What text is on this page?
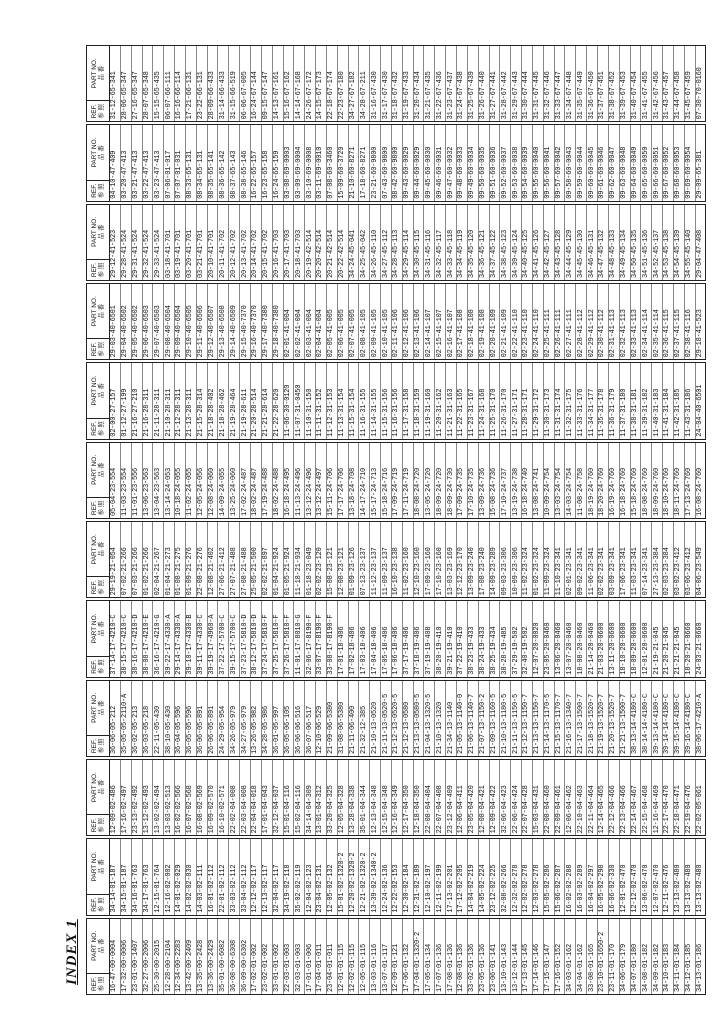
INDEX 1 REF. 参 照
PART NO. 品 番 16-47-00-0004 17-32-00-0006 23-01-00-1407 32-27-00-2006 25-30-00-2015 12-28-00-2104 12-34-00-2283 13-42-00-2409 13-35-00-2428 13-36-00-2429 35-01-00-6082 36-08-00-6308 36-09-00-6302 17-02-01-002 23-02-01-002 33-01-01-002 22-03-01-003 32-03-01-003 17-01-01-006 17-04-01-011 23-04-01-011 12-01-01-115 12-02-01-115 12-05-01-115 13-03-01-116 13-07-01-117 12-09-01-121 17-06-01-132 17-04-01-1320-2 17-05-01-134 17-07-01-136 17-08-01-136 12-08-01-136 33-02-01-136 23-05-01-136 23-06-01-141 13-10-01-143 13-12-01-144 17-13-01-145 17-14-01-146 17-15-01-147 17-16-01-152 34-03-01-162 34-04-01-162 33-08-01-165 23-10-01-1650-2 23-11-01-170 34-06-01-179 34-07-01-180 34-08-01-182 34-09-01-182 34-10-01-183 34-11-01-184 34-12-01-185 34-13-01-186
REF. 参 照
PART NO. 品 番 34-14-01-187 34-15-01-187 34-16-01-763 34-17-01-763 12-15-01-764 12-16-02-002 14-01-02-029 14-02-02-030 14-03-02-111 16-01-02-112 22-01-02-112 33-03-02-112 33-04-02-112 12-12-02-117 12-13-02-117 32-04-02-117 34-19-02-118 35-02-02-119 12-04-02-123 23-04-02-131 12-05-02-132 15-01-02-1320-2 12-20-02-1320-2 12-21-02-1320-2 13-39-02-1340-2 12-24-02-136 12-22-02-153 12-30-02-184 12-31-02-189 12-10-02-197 12-11-02-199 17-13-02-201 17-12-02-205 14-04-02-219 14-05-02-224 23-12-02-225 32-08-02-266 12-32-02-278 12-02-02-278 12-03-02-278 15-05-02-286 15-06-02-287 16-02-02-288 16-03-02-289 16-04-02-297 16-05-02-298 16-06-02-330 12-01-02-470 12-12-02-470 13-06-02-470 12-07-02-470 12-11-02-476 13-13-02-480 13-13-02-480 13-13-02-480
REF. 参 照
PART NO. 品 番 12-09-02-486 17-16-02-497 23-13-02-492 13-12-02-493 13-02-02-494 13-03-02-513 16-02-02-566 16-07-02-568 16-08-02-569 16-09-02-570 16-10-02-571 22-02-04-008 22-03-04-008 22-04-04-018 17-01-04-043 32-12-04-037 15-01-04-116 15-02-04-116 34-14-04-309 13-01-04-312 33-20-04-325 12-05-04-328 13-28-04-338 35-01-04-344 12-13-04-348 12-15-04-348 12-16-04-349 12-17-04-350 12-18-04-350 22-08-04-404 22-07-04-408 23-12-04-409 12-06-04-411 23-05-04-420 12-08-04-421 12-09-04-422 32-06-04-423 22-06-04-424 22-07-04-428 15-03-04-431 22-08-04-460 22-09-04-461 12-06-04-462 22-10-04-463 22-11-04-464 12-14-04-465 22-12-04-466 22-13-04-466 22-14-04-467 22-15-04-468 12-16-04-469 22-17-04-470 22-18-04-471 22-19-04-476 22-02-05-061
REF. 参 照
PART NO. 品 番 36-06-05-212 35-05-05-2110-A 36-02-05-213 36-03-05-218 22-11-05-430 38-10-05-430 36-04-05-596 36-05-05-596 36-06-05-891 26-06-05-891 24-29-05-954 34-26-05-979 34-27-05-979 13-26-05-982 34-28-05-986 36-01-05-997 36-05-06-105 36-06-06-516 36-07-06-517 12-10-06-529 21-09-06-5380 31-08-06-5380 21-11-06-400 21-32-12-385 21-10-13-0520 21-11-13-0520-5 21-12-13-0520-5 21-12-13-0580 21-13-13-0580-5 21-04-13-1320-5 21-10-13-1320 21-34-13-1140 21-05-13-1140-0 21-06-13-1140-7 21-07-13-1150-2 21-09-13-1160-5 21-10-13-1180-5 21-11-13-1150-5 21-12-13-1150-7 21-13-13-1150-7 21-14-13-1170-5 21-15-13-1170-7 21-16-13-1340-7 21-17-13-1500-7 21-18-13-1520-7 21-19-13-1520-7 21-20-13-1520-7 21-21-13-1500-7 38-13-14-4180-C 38-14-14-4180-C 39-13-14-4180-C 39-14-14-4180-C 39-15-14-4180-C 39-16-14-4180-C 38-06-17-4210-A
REF. 参 照
PART NO. 品 番 37-14-17-4210-C 38-15-17-4210-C 38-16-17-4210-D 38-08-17-4210-E 36-16-17-4210-G 39-22-17-4330-A 29-14-17-4330-A 39-10-17-4330-B 39-11-17-4330-C 39-19-17-4960-A 37-22-17-5700-C 39-15-17-5700-C 37-23-17-5810-D 38-12-17-5810-D 37-24-17-5810-F 37-25-17-5810-F 37-26-17-5810-F 11-01-17-8010-G 32-06-17-8190-F 33-07-17-8190-F 33-08-17-8190-F 17-01-18-406 17-02-18-406 17-03-18-406 17-04-18-406 17-05-18-406 17-06-18-406 37-17-19-406 37-18-19-406 37-19-19-408 38-20-19-410 39-21-19-410 37-22-19-410 38-23-19-433 38-24-19-433 38-25-19-434 38-28-19-485 37-29-19-502 32-40-19-502 12-07-20-0020 23-05-20-0460 13-06-20-0460 13-07-20-0460 18-08-20-0460 21-14-20-0460 21-03-20-0600 13-11-20-0600 18-10-20-0600 18-09-20-0600 12-01-20-0600 21-19-21-045 21-20-21-045 21-21-21-045 18-20-21-0660 24-03-21-0660
REF. 参 照
PART NO. 品 番 29-19-21-054 07-02-21-266 07-03-21-266 01-02-21-266 02-04-21-267 01-04-21-273 01-08-21-275 01-09-21-276 22-08-21-276 12-08-21-402 27-06-21-412 27-07-21-488 27-08-21-488 25-05-21-500 02-02-21-897 01-04-21-924 01-05-21-924 11-18-21-934 01-18-23-049 02-02-23-120 15-08-23-121 12-08-23-121 01-09-23-126 07-13-23-137 11-12-23-137 11-09-23-137 16-10-23-138 11-02-23-160 12-10-23-160 17-09-23-160 17-10-23-160 13-03-23-169 12-12-23-170 13-09-23-240 17-08-23-240 14-09-23-289 09-03-23-306 10-09-23-306 11-02-23-324 01-02-23-324 11-09-23-324 11-10-23-341 02-01-23-341 09-02-23-341 11-06-23-341 02-02-23-341 03-09-23-341 17-06-23-341 11-03-23-341 07-14-23-341 27-13-23-384 02-03-23-384 03-02-23-412 03-06-23-412 04-06-23-549
REF. 参 照
PART NO. 品 番 05-04-23-554 11-03-23-554 11-01-23-556 13-06-23-563 13-04-23-563 13-14-24-053 10-18-24-055 11-02-24-055 12-05-24-056 12-08-24-060 14-09-24-055 13-25-24-060 17-02-24-487 18-02-24-487 17-19-24-488 18-02-24-488 16-18-24-495 11-13-24-496 13-12-24-496 13-12-24-497 15-11-24-706 17-17-24-706 13-18-24-708 14-17-24-710 15-17-24-713 15-18-24-716 17-09-24-719 17-11-24-719 18-08-24-720 13-05-24-720 18-09-24-720 18-09-24-730 17-09-24-735 17-10-24-735 13-09-24-736 15-08-24-736 17-10-24-737 13-19-24-738 16-18-24-740 13-08-24-741 10-09-24-754 13-03-24-754 14-03-24-754 11-08-24-758 18-19-24-760 18-20-24-760 16-19-24-760 16-18-24-760 15-18-24-760 18-08-24-760 18-09-24-760 18-10-24-760 18-11-24-760 17-13-24-760 16-08-24-760
REF. 参 照
PART NO. 品 番 02-00-27-157 01-12-27-199 21-16-27-210 21-16-28-311 21-11-28-311 21-10-28-311 21-12-28-311 21-13-28-311 21-15-28-314 21-18-28-402 21-18-28-462 21-19-28-464 21-19-28-611 21-20-28-514 21-21-28-614 21-22-28-620 11-06-30-0120 11-07-31-0450 11-10-31-150 11-11-31-152 11-12-31-153 11-13-31-154 11-15-31-154 11-16-31-155 11-14-31-155 11-15-31-156 11-16-31-156 11-17-31-158 11-18-31-159 11-19-31-160 11-20-31-162 11-21-31-163 11-22-31-165 11-23-31-167 11-24-31-168 11-25-31-170 11-26-31-170 11-27-31-171 11-28-31-171 11-29-31-172 11-30-31-173 11-31-31-174 11-32-31-175 11-33-31-176 11-34-31-177 11-35-31-178 11-36-31-179 11-37-31-180 11-38-31-181 11-39-31-182 11-40-31-183 11-41-31-184 11-42-31-185 11-43-31-186 24-04-40-6501
REF. 参 照
PART NO. 品 番 29-03-40-6501 29-04-40-6502 29-05-40-6502 29-06-40-6503 29-07-40-6503 29-08-40-6504 29-09-40-6504 29-10-40-6505 29-11-40-6506 29-12-40-6507 29-13-40-6508 29-14-40-6509 29-15-40-7370 29-16-40-7370 29-17-40-7380 29-18-40-7380 02-01-41-004 02-02-41-004 02-03-41-004 02-04-41-004 02-05-41-005 02-06-41-005 02-07-41-005 02-08-41-105 02-09-41-105 02-10-41-105 02-11-41-106 02-12-41-106 02-13-41-106 02-14-41-107 02-15-41-107 02-16-41-107 02-17-41-108 02-18-41-108 02-19-41-108 02-20-41-109 02-21-41-109 02-22-41-110 02-23-41-110 02-24-41-110 02-25-41-111 02-26-41-111 02-27-41-111 02-28-41-112 02-29-41-112 02-30-41-112 02-31-41-113 02-32-41-113 02-33-41-113 02-34-41-114 02-35-41-114 02-36-41-115 02-37-41-115 02-38-41-116 29-18-41-523
REF. 参 照
PART NO. 品 番 29-12-41-523 29-28-41-524 29-31-41-524 29-32-41-524 29-33-41-524 03-18-41-701 03-19-41-701 03-20-41-701 03-21-41-701 20-10-41-701 20-11-41-702 20-12-41-702 20-13-41-702 20-14-41-702 20-15-41-702 20-16-41-703 20-17-41-703 20-18-41-703 20-19-42-514 20-20-42-514 20-21-42-514 20-22-42-514 34-24-45-041 34-25-45-042 34-26-45-110 34-27-45-112 34-28-45-113 34-29-45-114 34-30-45-115 34-31-45-116 34-32-45-117 34-33-45-118 34-34-45-119 34-35-45-120 34-36-45-121 34-37-45-122 34-38-45-123 34-39-45-124 34-40-45-125 34-41-45-126 34-42-45-127 34-43-45-128 34-44-45-129 34-45-45-130 34-46-45-131 34-47-45-132 34-48-45-133 34-49-45-134 34-50-45-135 34-51-45-136 34-52-45-137 34-53-45-138 34-54-45-139 34-55-45-140 29-04-47-408
REF. 参 照
PART NO. 品 番 04-10-47-409 03-20-47-413 03-21-47-413 03-22-47-413 03-23-47-413 07-06-01-017 07-07-01-031 08-33-65-131 08-34-65-131 08-35-65-141 08-36-65-142 08-37-65-143 08-38-65-146 16-22-65-157 16-23-65-158 16-24-65-159 03-08-69-0003 03-09-69-0004 03-10-69-0008 03-11-69-0010 07-08-60-3460 15-09-60-3720 21-10-60-8271 17-18-60-8271 23-21-60-9800 07-43-60-9800 08-42-60-9800 09-43-60-0029 09-44-60-0029 09-45-60-0030 09-46-60-0031 09-47-60-0032 09-48-60-0033 09-49-60-0034 09-50-60-0035 09-51-60-0036 09-52-60-0037 09-53-60-0038 09-54-60-0039 09-55-60-0040 09-56-60-0041 09-57-60-0042 09-58-60-0043 09-59-60-0044 09-60-60-0045 09-61-60-0046 09-62-60-0047 09-63-60-0048 09-64-60-0049 09-65-60-0050 09-66-60-0051 09-67-60-0052 09-68-60-0053 09-69-60-0054 29-09-65-381
REF. 参 照
PART NO. 品 番 31-12-65-341 28-06-65-347 27-16-65-347 28-07-65-348 15-15-65-435 06-07-66-111 16-16-66-114 17-21-66-131 23-22-66-131 28-09-66-433 31-14-66-433 31-15-66-519 06-06-67-005 16-24-67-144 09-15-67-147 14-13-67-161 15-16-67-162 14-14-67-168 24-26-67-172 14-15-67-173 22-18-67-174 22-23-67-180 34-27-67-182 34-28-67-211 31-16-67-430 31-17-67-430 31-18-67-432 31-19-67-433 31-20-67-434 31-21-67-435 31-22-67-436 31-23-67-437 31-24-67-438 31-25-67-439 31-26-67-440 31-27-67-441 31-28-67-442 31-29-67-443 31-30-67-444 31-31-67-445 31-32-67-446 31-33-67-447 31-34-67-448 31-35-67-449 31-36-67-450 31-37-67-451 31-38-67-452 31-39-67-453 31-40-67-454 31-41-67-455 31-42-67-456 31-43-67-457 31-44-67-458 31-45-67-459 07-30-70-0160
